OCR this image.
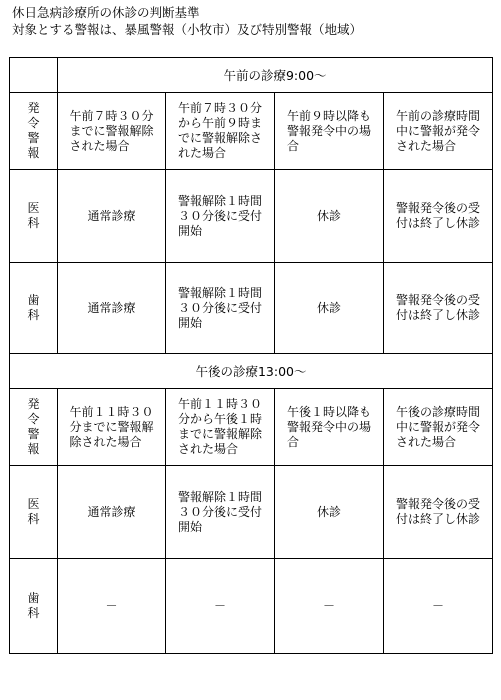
休日急病診療所の休診の判断基準
対象とする警報は、暴風警報（小牧市）及び特別警報（地域）
	午前の診療9:00～			
発令警報	午前７時３０分
までに警報解除
された場合	午前７時３０分
から午前９時ま
でに警報解除さ
れた場合	午前９時以降も
警報発令中の場
合	午前の診療時間
中に警報が発令
された場合
医科	通常診療	警報解除１時間
３０分後に受付
開始	休診	警報発令後の受
付は終了し休診
歯科	通常診療	警報解除１時間
３０分後に受付
開始	休診	警報発令後の受
付は終了し休診
午後の診療13:00～				
発令警報	午前１１時３０
分までに警報解
除された場合	午前１１時３０
分から午後１時
までに警報解除
された場合	午後１時以降も
警報発令中の場
合	午後の診療時間
中に警報が発令
された場合
医科	通常診療	警報解除１時間
３０分後に受付
開始	休診	警報発令後の受
付は終了し休診
歯科	－	－	－	－
